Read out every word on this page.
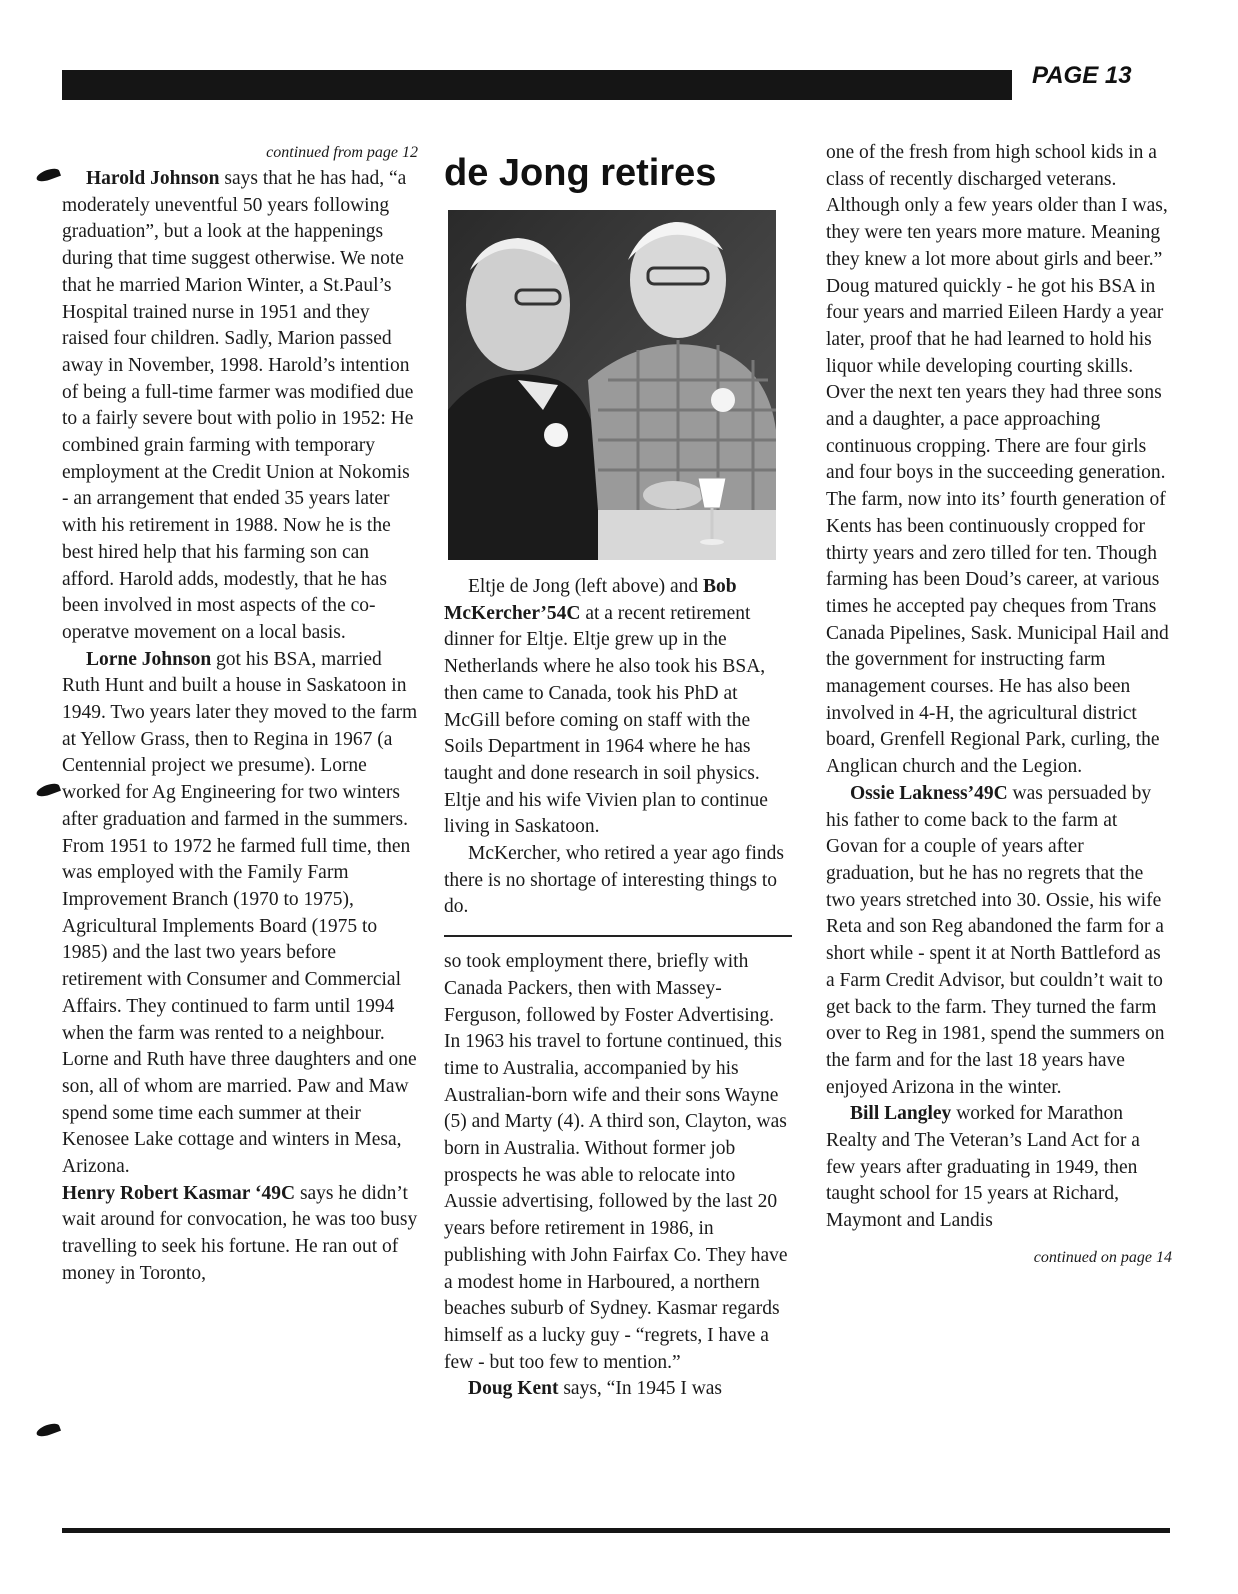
PAGE 13
continued from page 12

Harold Johnson says that he has had, “a moderately uneventful 50 years following graduation”, but a look at the happenings during that time suggest otherwise. We note that he married Marion Winter, a St.Paul’s Hospital trained nurse in 1951 and they raised four children. Sadly, Marion passed away in November, 1998. Harold’s intention of being a full-time farmer was modified due to a fairly severe bout with polio in 1952: He combined grain farming with temporary employment at the Credit Union at Nokomis - an arrangement that ended 35 years later with his retirement in 1988. Now he is the best hired help that his farming son can afford. Harold adds, modestly, that he has been involved in most aspects of the co-operatve movement on a local basis.

Lorne Johnson got his BSA, married Ruth Hunt and built a house in Saskatoon in 1949. Two years later they moved to the farm at Yellow Grass, then to Regina in 1967 (a Centennial project we presume). Lorne worked for Ag Engineering for two winters after graduation and farmed in the summers. From 1951 to 1972 he farmed full time, then was employed with the Family Farm Improvement Branch (1970 to 1975), Agricultural Implements Board (1975 to 1985) and the last two years before retirement with Consumer and Commercial Affairs. They continued to farm until 1994 when the farm was rented to a neighbour. Lorne and Ruth have three daughters and one son, all of whom are married. Paw and Maw spend some time each summer at their Kenosee Lake cottage and winters in Mesa, Arizona.

Henry Robert Kasmar ‘49C says he didn’t wait around for convocation, he was too busy travelling to seek his fortune. He ran out of money in Toronto,

de Jong retires

Eltje de Jong (left above) and Bob McKercher’54C at a recent retirement dinner for Eltje. Eltje grew up in the Netherlands where he also took his BSA, then came to Canada, took his PhD at McGill before coming on staff with the Soils Department in 1964 where he has taught and done research in soil physics. Eltje and his wife Vivien plan to continue living in Saskatoon.

McKercher, who retired a year ago finds there is no shortage of interesting things to do.

so took employment there, briefly with Canada Packers, then with Massey-Ferguson, followed by Foster Advertising. In 1963 his travel to fortune continued, this time to Australia, accompanied by his Australian-born wife and their sons Wayne (5) and Marty (4). A third son, Clayton, was born in Australia. Without former job prospects he was able to relocate into Aussie advertising, followed by the last 20 years before retirement in 1986, in publishing with John Fairfax Co. They have a modest home in Harboured, a northern beaches suburb of Sydney. Kasmar regards himself as a lucky guy - “regrets, I have a few - but too few to mention.”

Doug Kent says, “In 1945 I was

one of the fresh from high school kids in a class of recently discharged veterans. Although only a few years older than I was, they were ten years more mature. Meaning they knew a lot more about girls and beer.” Doug matured quickly - he got his BSA in four years and married Eileen Hardy a year later, proof that he had learned to hold his liquor while developing courting skills. Over the next ten years they had three sons and a daughter, a pace approaching continuous cropping. There are four girls and four boys in the succeeding generation. The farm, now into its’ fourth generation of Kents has been continuously cropped for thirty years and zero tilled for ten. Though farming has been Doud’s career, at various times he accepted pay cheques from Trans Canada Pipelines, Sask. Municipal Hail and the government for instructing farm management courses. He has also been involved in 4-H, the agricultural district board, Grenfell Regional Park, curling, the Anglican church and the Legion.

Ossie Lakness’49C was persuaded by his father to come back to the farm at Govan for a couple of years after graduation, but he has no regrets that the two years stretched into 30. Ossie, his wife Reta and son Reg abandoned the farm for a short while - spent it at North Battleford as a Farm Credit Advisor, but couldn’t wait to get back to the farm. They turned the farm over to Reg in 1981, spend the summers on the farm and for the last 18 years have enjoyed Arizona in the winter.

Bill Langley worked for Marathon Realty and The Veteran’s Land Act for a few years after graduating in 1949, then taught school for 15 years at Richard, Maymont and Landis

continued on page 14
